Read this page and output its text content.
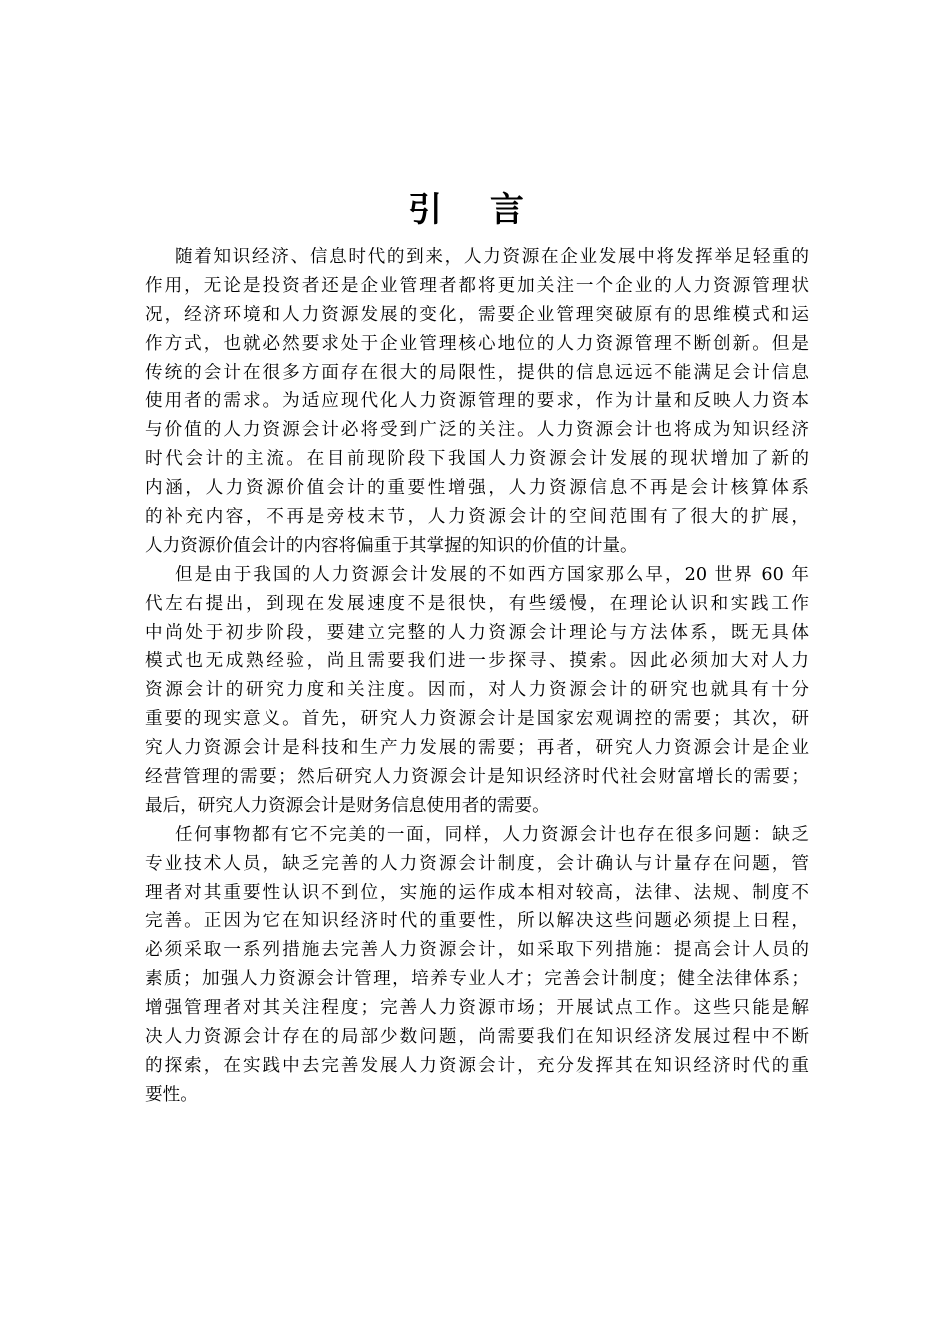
引 言
随着知识经济、信息时代的到来，人力资源在企业发展中将发挥举足轻重的
作用，无论是投资者还是企业管理者都将更加关注一个企业的人力资源管理状
况，经济环境和人力资源发展的变化，需要企业管理突破原有的思维模式和运
作方式，也就必然要求处于企业管理核心地位的人力资源管理不断创新。但是
传统的会计在很多方面存在很大的局限性，提供的信息远远不能满足会计信息
使用者的需求。为适应现代化人力资源管理的要求，作为计量和反映人力资本
与价值的人力资源会计必将受到广泛的关注。人力资源会计也将成为知识经济
时代会计的主流。在目前现阶段下我国人力资源会计发展的现状增加了新的
内涵，人力资源价值会计的重要性增强，人力资源信息不再是会计核算体系
的补充内容，不再是旁枝末节，人力资源会计的空间范围有了很大的扩展，
人力资源价值会计的内容将偏重于其掌握的知识的价值的计量。
但是由于我国的人力资源会计发展的不如西方国家那么早，20 世界 60 年
代左右提出，到现在发展速度不是很快，有些缓慢，在理论认识和实践工作
中尚处于初步阶段，要建立完整的人力资源会计理论与方法体系，既无具体
模式也无成熟经验，尚且需要我们进一步探寻、摸索。因此必须加大对人力
资源会计的研究力度和关注度。因而，对人力资源会计的研究也就具有十分
重要的现实意义。首先，研究人力资源会计是国家宏观调控的需要；其次，研
究人力资源会计是科技和生产力发展的需要；再者，研究人力资源会计是企业
经营管理的需要；然后研究人力资源会计是知识经济时代社会财富增长的需要；
最后，研究人力资源会计是财务信息使用者的需要。
任何事物都有它不完美的一面，同样，人力资源会计也存在很多问题：缺乏
专业技术人员，缺乏完善的人力资源会计制度，会计确认与计量存在问题，管
理者对其重要性认识不到位，实施的运作成本相对较高，法律、法规、制度不
完善。正因为它在知识经济时代的重要性，所以解决这些问题必须提上日程，
必须采取一系列措施去完善人力资源会计，如采取下列措施：提高会计人员的
素质；加强人力资源会计管理，培养专业人才；完善会计制度；健全法律体系；
增强管理者对其关注程度；完善人力资源市场；开展试点工作。这些只能是解
决人力资源会计存在的局部少数问题，尚需要我们在知识经济发展过程中不断
的探索，在实践中去完善发展人力资源会计，充分发挥其在知识经济时代的重
要性。
